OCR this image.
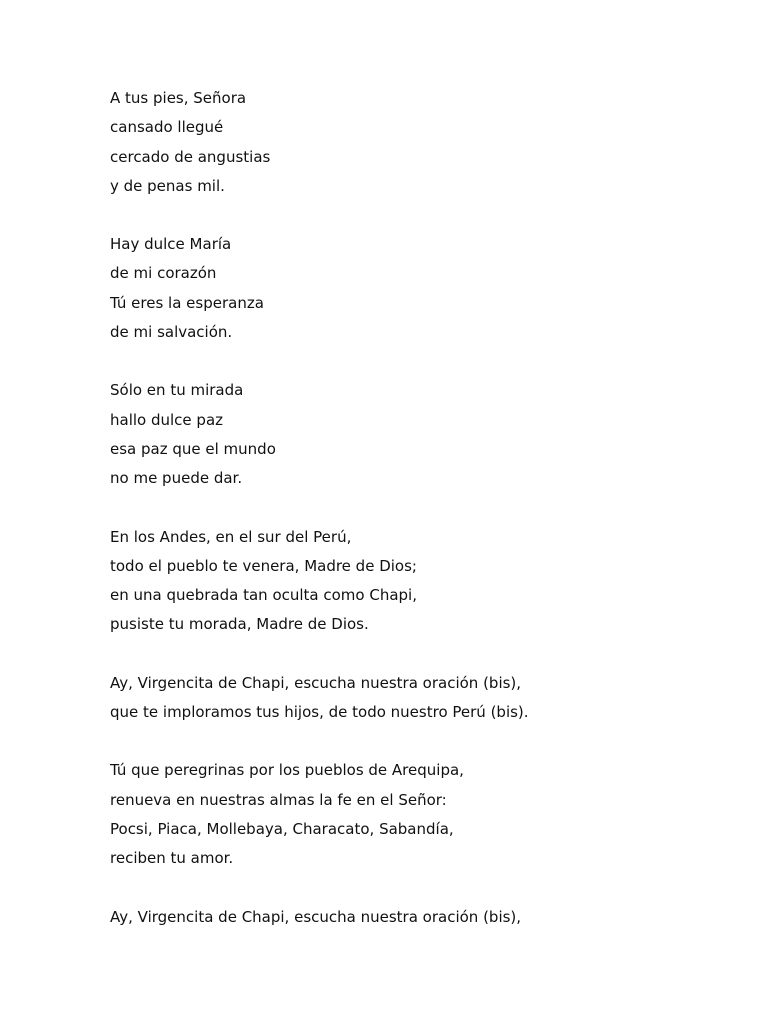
A tus pies, Señora
cansado llegué
cercado de angustias
y de penas mil.
Hay dulce María
de mi corazón
Tú eres la esperanza
de mi salvación.
Sólo en tu mirada
hallo dulce paz
esa paz que el mundo
no me puede dar.
En los Andes, en el sur del Perú,
todo el pueblo te venera, Madre de Dios;
en una quebrada tan oculta como Chapi,
pusiste tu morada, Madre de Dios.
Ay, Virgencita de Chapi, escucha nuestra oración (bis),
que te imploramos tus hijos, de todo nuestro Perú (bis).
Tú que peregrinas por los pueblos de Arequipa,
renueva en nuestras almas la fe en el Señor:
Pocsi, Piaca, Mollebaya, Characato, Sabandía,
reciben tu amor.
Ay, Virgencita de Chapi, escucha nuestra oración (bis),
